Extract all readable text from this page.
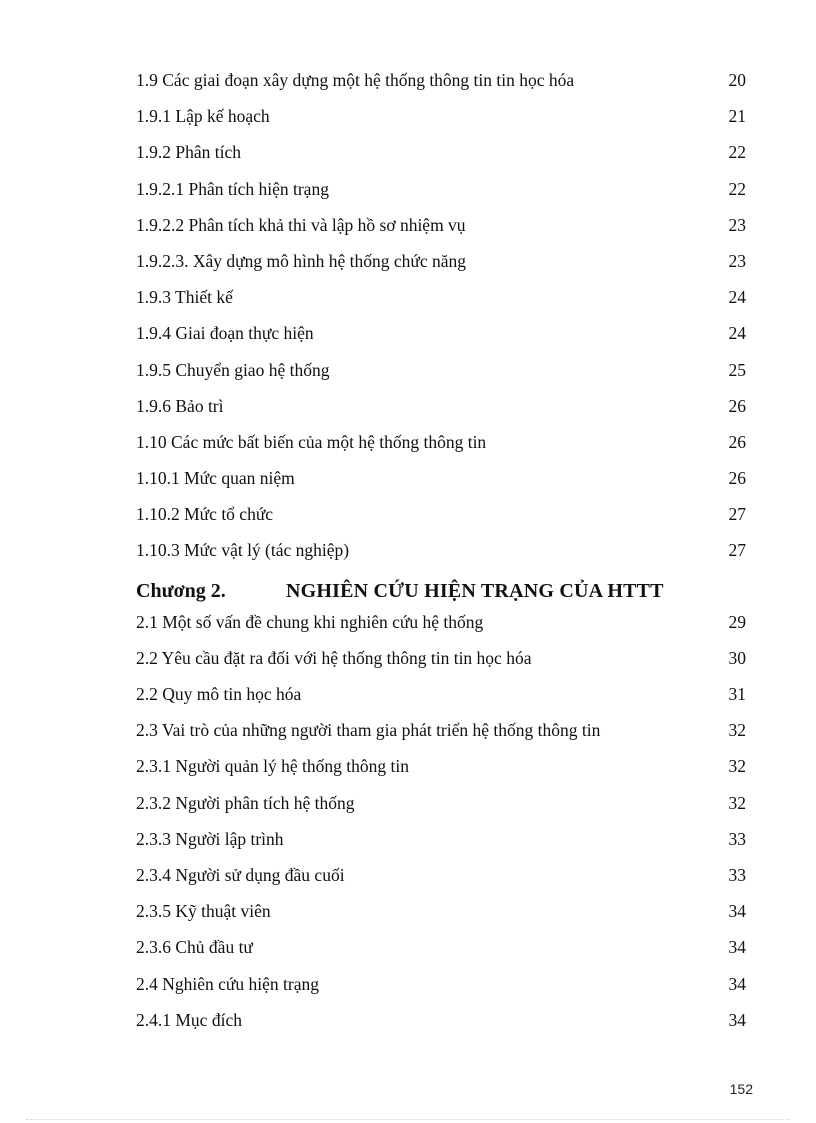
1.9 Các giai đoạn xây dựng một hệ thống thông tin tin học hóa	20
1.9.1 Lập kế hoạch	21
1.9.2 Phân tích	22
1.9.2.1 Phân tích hiện trạng	22
1.9.2.2 Phân tích khả thi và lập hồ sơ nhiệm vụ	23
1.9.2.3. Xây dựng mô hình hệ thống chức năng	23
1.9.3 Thiết kế	24
1.9.4 Giai đoạn thực hiện	24
1.9.5 Chuyển giao hệ thống	25
1.9.6 Bảo trì	26
1.10 Các mức bất biến của một hệ thống thông tin	26
1.10.1 Mức quan niệm	26
1.10.2 Mức tổ chức	27
1.10.3 Mức vật lý (tác nghiệp)	27
Chương 2.	NGHIÊN CỨU HIỆN TRẠNG CỦA HTTT
2.1 Một số vấn đề chung khi nghiên cứu hệ thống	29
2.2 Yêu cầu đặt ra đối với hệ thống thông tin tin học hóa	30
2.2 Quy mô tin học hóa	31
2.3 Vai trò của những người tham gia phát triển hệ thống thông tin	32
2.3.1 Người quản lý hệ thống thông tin	32
2.3.2 Người phân tích hệ thống	32
2.3.3 Người lập trình	33
2.3.4 Người sử dụng đầu cuối	33
2.3.5 Kỹ thuật viên	34
2.3.6 Chủ đầu tư	34
2.4 Nghiên cứu hiện trạng	34
2.4.1 Mục đích	34
152
